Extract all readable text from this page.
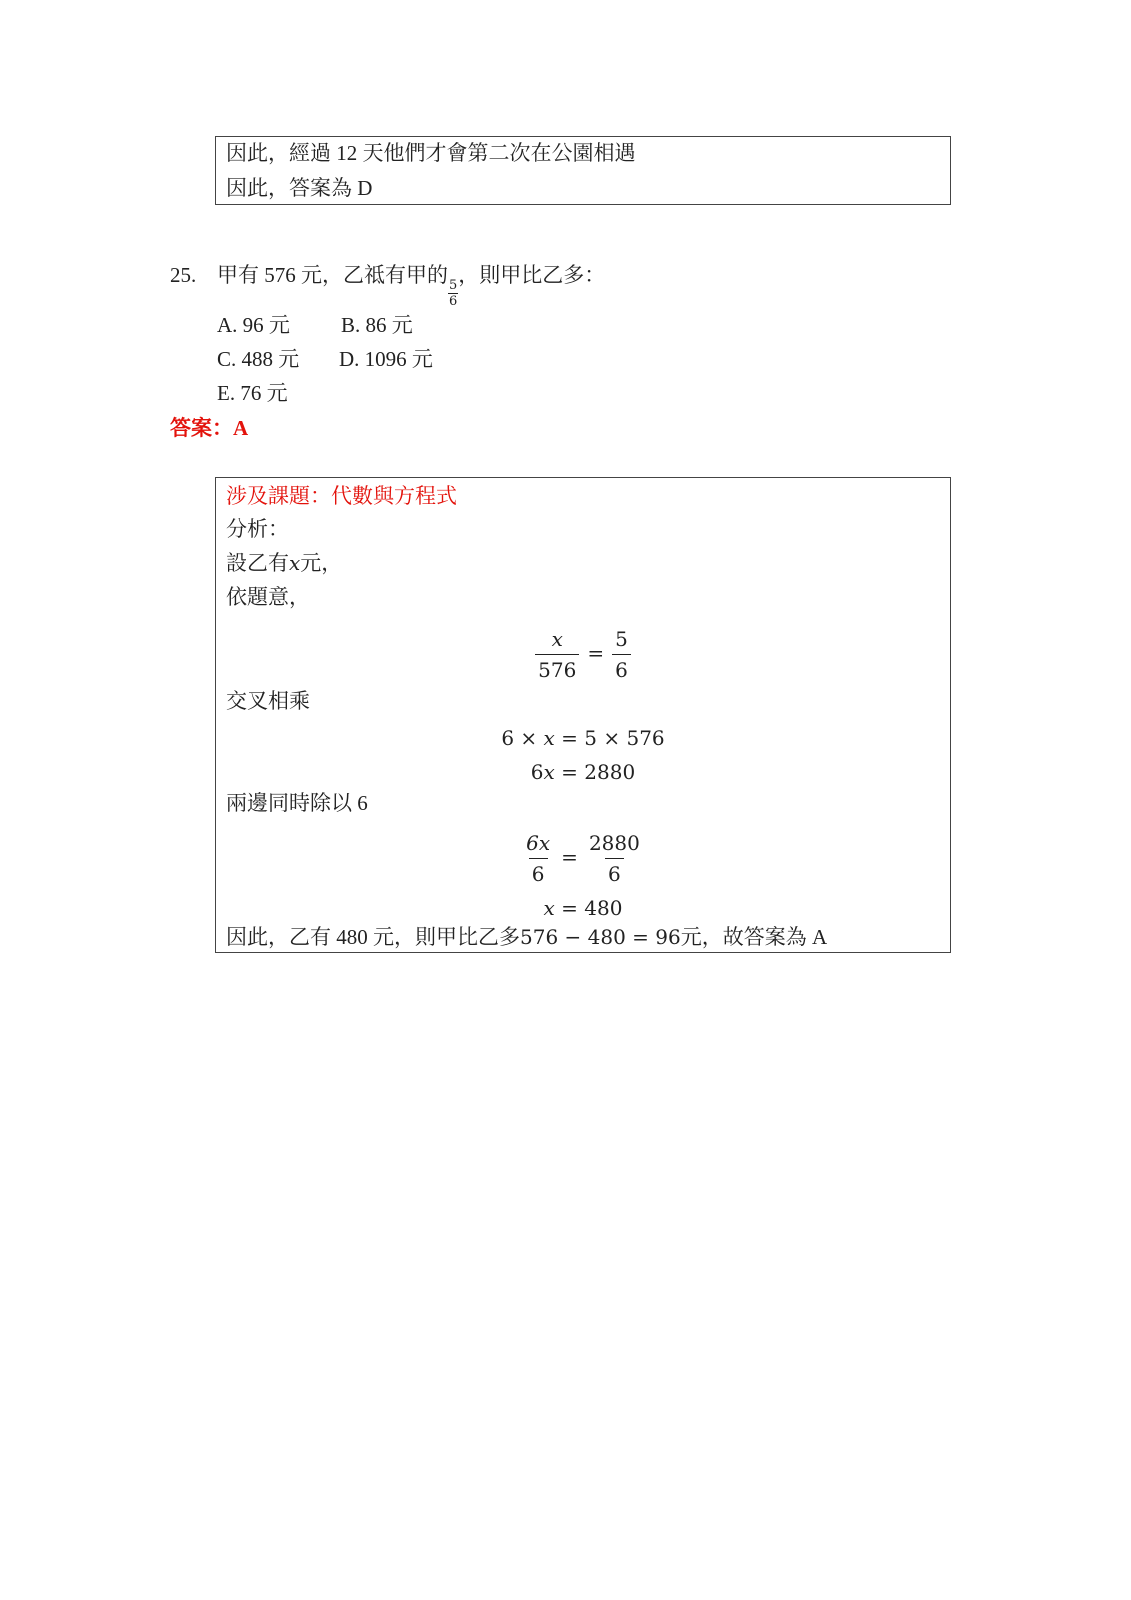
因此，經過 12 天他們才會第二次在公園相遇
因此，答案為 D
25. 甲有 576 元，乙祗有甲的
$\frac{5}{6}$
，則甲比乙多：
A. 96 元 B. 86 元
C. 488 元 D. 1096 元
E. 76 元
答案：A
涉及課題：代數與方程式
分析：
設乙有x元，
依題意，
$\frac{x}{576} = \frac{5}{6}$
交叉相乘
6 × x = 5 × 576
6x = 2880
兩邊同時除以 6
$\frac{6x}{6} = \frac{2880}{6}$
x = 480
因此，乙有 480 元，則甲比乙多576 − 480 = 96元，故答案為 A
